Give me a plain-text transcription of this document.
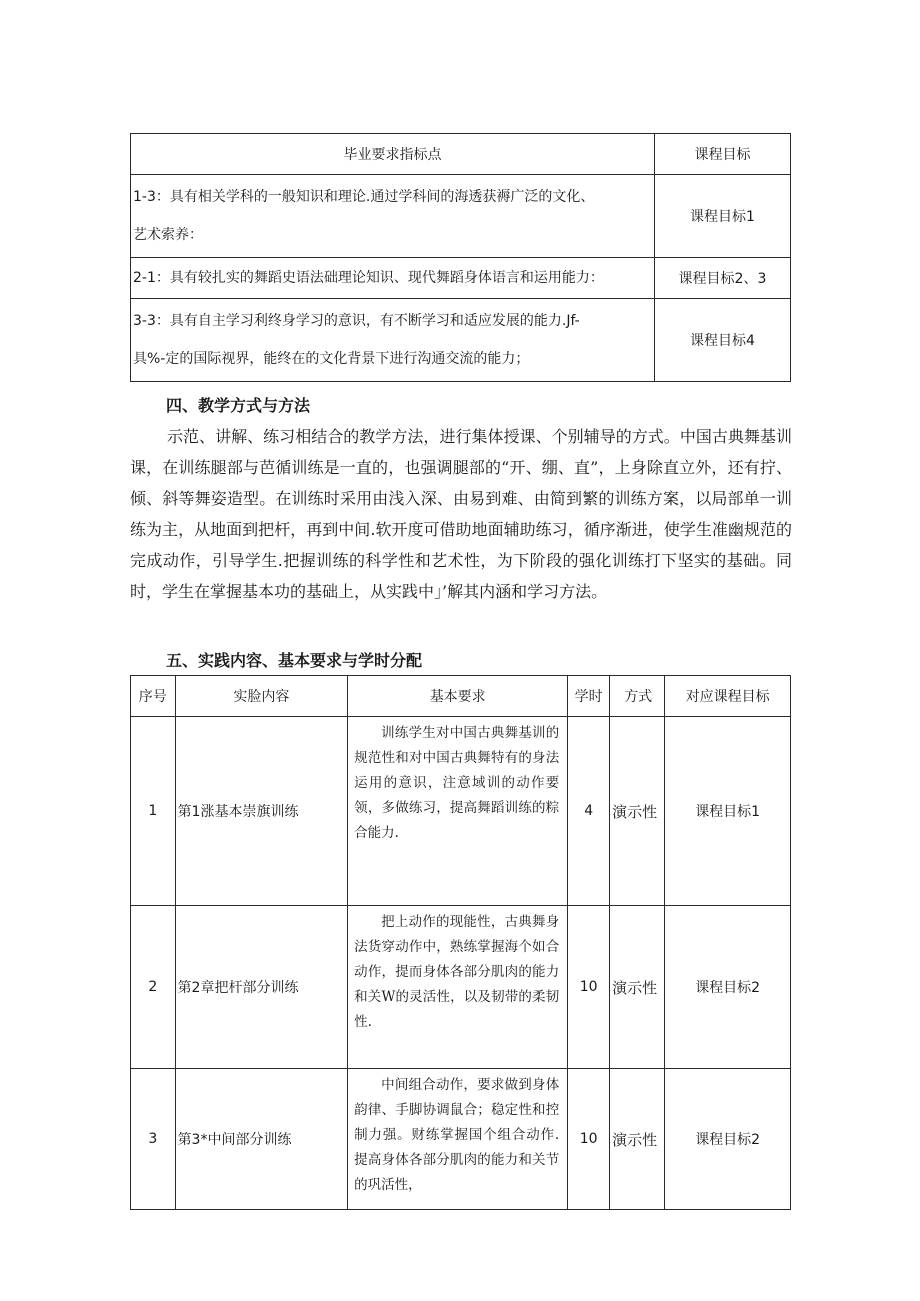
毕业要求指标点	课程目标

1-3：具有相关学科的一般知识和理论.通过学科间的海透获褥广泛的文化、
艺术索养：	课程目标1

2-1：具有较扎实的舞蹈史语法础理论知识、现代舞蹈身体语言和运用能力：	课程目标2、3

3-3：具有自主学习利终身学习的意识，有不断学习和适应发展的能力.Jf-
具%-定的国际视界，能终在的文化背景下进行沟通交流的能力；	课程目标4
四、教学方式与方法

示范、讲解、练习相结合的教学方法，进行集体授课、个别辅导的方式。中国古典舞基训课，在训练腿部与芭循训练是一直的，也强调腿部的“开、绷、直”，上身除直立外，还有拧、倾、斜等舞姿造型。在训练时采用由浅入深、由易到难、由简到繁的训练方案，以局部单一训练为主，从地面到把杆，再到中间.软开度可借助地面辅助练习，循序渐进，使学生准幽规范的完成动作，引导学生.把握训练的科学性和艺术性，为下阶段的强化训练打下坚实的基础。同时，学生在掌握基本功的基础上，从实践中」’解其内涵和学习方法。

五、实践内容、基本要求与学时分配
序号	实脸内容	基本要求	学时	方式	对应课程目标
1	第1涨基本崇旗训练	训练学生对中国古典舞基训的规范性和对中国古典舞特有的身法运用的意识，注意域训的动作要领，多做练习，提高舞蹈训练的粽合能力.	4	演示性	课程目标1
2	第2章把杆部分训练	把上动作的现能性，古典舞身法货穿动作中，熟练掌握海个如合动作，提而身体各部分肌肉的能力和关W的灵活性，以及韧带的柔韧性.	10	演示性	课程目标2
3	第3*中间部分训练	中间组合动作，要求做到身体韵律、手脚协调鼠合；稳定性和控制力强。财练掌握国个组合动作.提高身体各部分肌肉的能力和关节的巩活性，	10	演示性	课程目标2
